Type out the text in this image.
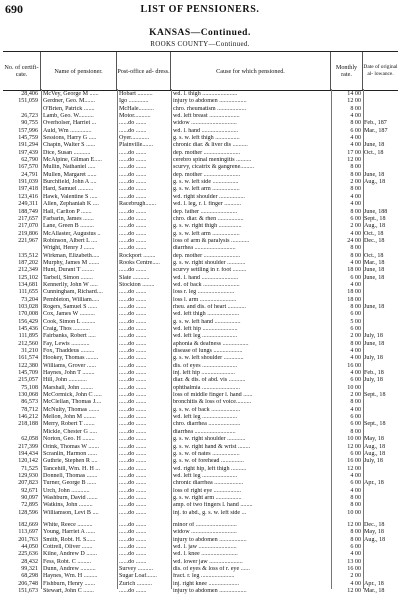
690	LIST OF PENSIONERS.
KANSAS—Continued.
ROOKS COUNTY—Continued.
No. of certifi- cate.	Name of pensioner.	Post-office ad- dress.	Cause for which pensioned.	Monthly rate.
Date of original al- lowance.
28,406 McVey, George M ......	Hobart ..........	wd. l. thigh .......................	14 00
151,059 Gerdner, Geo. M.......	Igo .............	injury to abdomen ..................	12 00
O'Brien, Patrick .......	McHale..........	chro. rheumatism ...................	8 00
26,723 Lamb, Geo. W..........	Motor...........	wd. left breast ....................	4 00
90,755 Overholser, Harriet ...	......do .......	widow ..............................	8 00 Feb., 187
157,996 Auld, Wm ..............	......do .......	wd. l. hand ........................	6 00 Mar., 187
145,759 Sessions, Harry G .....	Oyer............	g. s. w. left thigh ................	4 00
191,294 Chapin, Walter S ......	Plainville.......	chronic diar. & liver dis ..........	4 00 June, 18
197,439 Dice, Susan ...........	......do .......	dep. mother ........................	17 00 Oct., 18
62,790 McAlpine, Gilman E.....	......do .......	cerebro spinal meningitis ..........	12 00
167,570 Mullin, Nathaniel .....	......do .......	scurvy, cicatrix & gangrene.........	8 00
24,791 Mullen, Margaret ......	......do .......	dep. mother ........................	8 00 June, 18
191,039 Burchfield, John A ....	......do .......	g. s. w. left side .................	2 00 Aug., 18
197,418 Hard, Samuel ..........	......do .......	g. s. w. left arm ..................	8 00
123,416 Hawk, Valentine S .....	......do .......	wd. right shoulder .................	4 00
249,311 Allen, Zephaniah K ....	Racebrugh.......	wd. l. leg, r. l. finger ...........	4 00
188,749 Hall, Carlton P .......	......do .......	dep. father ........................	8 00 June, 188
217,657 Farbarin, James .......	......do .......	chro. diar. & rhen .................	6 00 Sept., 18
217,070 Lane, Green B .........	......do .......	g. s. w. right thigh ...............	2 00 Aug., 18
219,806 McAllaster, Augustus ..	......do .......	g. s. w. left arm ..................	4 00 Oct., 18
221,967 Robinson, Albert L ....	......do .......	loss of arm & paralysis ............	24 00 Dec., 18
Wright, Henry J .......	......do .......	diarrhea ...........................	8 00
135,512 Wirkman, Elizabeth.....	Rockport ........	dep. mother ........................	8 00 Oct., 18
187,202 Murphy, James M .......	Rooks Centre.....	g. s. w. right shoulder ............	4 00 Mar., 18
212,349 Hunt, Durant T ........	......do .......	scurvy settling in r. foot .........	18 00 June, 18
125,102 Tarbell, Simon ........	Slate ...........	wd. l. hand ........................	6 00 June, 18
134,681 Kennerlly, John W .....	Stockton ........	wd. of back ........................	4 00
111,655 Cunningham, Richard....	......do .......	loss r. leg ........................	18 00
73,204 Pembleton, William.....	......do .......	loss l. arm ........................	18 00
103,028 Rogers, Samuel S ......	......do .......	rheu. and dis. of heart ............	8 00 June, 18
170,008 Cox, James W ..........	......do .......	wd. left thigh .....................	6 00
156,429 Cook, Simon L .........	......do .......	g. s. w. left hand .................	5 00
145,436 Craig, Thos ...........	......do .......	wd. left hip .......................	6 00
111,895 Fairbanks, Robert .....	......do .......	wd. left leg .......................	2 00 July, 18
212,560 Fay, Lewis ............	......do .......	aphonia & deafness .................	8 00 June, 18
31,210 Fox, Thaddeus .........	......do .......	disease of lungs ...................	4 00
161,574 Hookey, Thomas ........	......do .......	g. s. w. left shoulder .............	4 00 July, 18
122,380 Williams, Grover ......	......do .......	dis. of eyes .......................	16 00
145,709 Haynes, John T ........	......do .......	inj. left hip ......................	4 00 Feb., 18
215,057 Hill, John ............	......do .......	diar. & dis. of abd. vis ...........	6 00 July, 18
75,108 Marshall, John ........	......do .......	ophthalmia .........................	10 00
130,068 McCormick, John C .....	......do .......	loss of middle finger l. hand ......	2 00 Sept., 18
86,573 McClellan, Thomas J....	......do .......	bronchitis & loss of voice..........	8 00
78,712 McNulty, Thomas .......	......do .......	g. s. w. of back ...................	4 00
146,212 Mellon, John M ........	......do .......	wd. left leg .......................	6 00
218,188 Merry, Robert T .......	......do .......	chro. diarrhea .....................	6 00 Sept., 18
Mickle, Chester G .....	......do .......	diarrhea ...........................	8 00
62,058 Norton, Geo. H ........	......do .......	g. s. w. right shoulder ............	10 00 May, 18
217,399 Orink, Thomas W .......	......do .......	g. s. w. right hand & wrist ........	12 00 Aug., 18
194,434 Scranlin, Harmon ......	......do .......	g. s. w. of nates ..................	6 00 Aug., 18
120,142 Guthrie, Stephen R ....	......do .......	g. s. w. of forehead ...............	16 00 July, 18
71,525 Tancehill, Wm. H. H ...	......do .......	wd. right hip, left thigh ..........	12 00
129,930 Donnell, Thomas .......	......do .......	wd. left leg .......................	4 00
207,823 Turner, George B ......	......do .......	chronic diarrhea ...................	6 00 Apr., 18
92,671 Urch, John ............	......do .......	loss of right eye ..................	4 00
90,097 Washburn, David .......	......do .......	g. s. w. right arm .................	8 00
72,895 Watkins, John .........	......do .......	amp. of two fingers l. hand ........	8 00
128,596 Williamson, Levi B ....	......do .......	inj. to abd., g. s. w. left side ...	10 00
182,669 White, Reece ..........	......do .......	minor of ...........................	12 00 Dec., 18
113,697 Young, Harriet A ......	......do .......	widow ..............................	8 00 May, 18
201,763 Smith, Robt. H. S......	......do .......	injury to abdomen ..................	8 00 Aug., 18
44,050 Cottrell, Oliver .......	......do .......	wd. l. jaw .........................	6 00
225,636 Kilne, Andrew D .......	......do .......	wd. l. knee ........................	4 00
28,432 Fess, Robt. C .........	......do .......	wd. lower jaw ......................	13 00
99,321 Dunn, Andrew ..........	Survey ..........	dis. of eyes & loss of r. eye ......	16 00
68,298 Haynes, Wm. H .........	Sugar Loaf.......	fract. r. leg ......................	2 00
206,748 Fishburn, Henry .......	Zurich ..........	inj. right knee ....................	4 00 Apr., 18
151,673 Stewart, John C .......	......do .......	injury to abdomen ..................	12 00 Mar., 18
